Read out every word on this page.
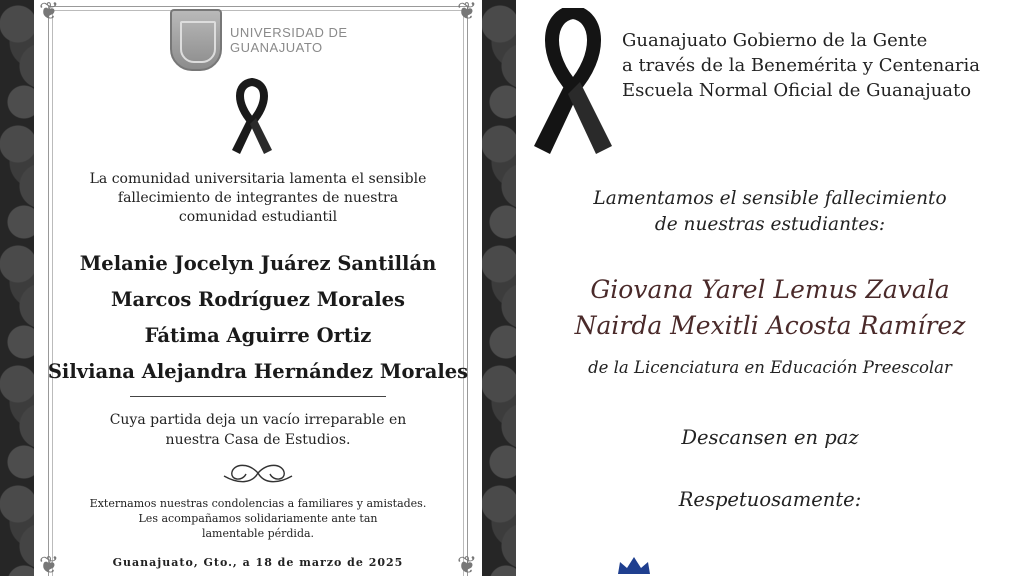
❦	❦
❦	❦
UNIVERSIDAD DE
GUANAJUATO
La comunidad universitaria lamenta el sensible
fallecimiento de integrantes de nuestra
comunidad estudiantil
Melanie Jocelyn Juárez Santillán
Marcos Rodríguez Morales
Fátima Aguirre Ortiz
Silviana Alejandra Hernández Morales
Cuya partida deja un vacío irreparable en
nuestra Casa de Estudios.
Externamos nuestras condolencias a familiares y amistades.
Les acompañamos solidariamente ante tan
lamentable pérdida.
Guanajuato, Gto., a 18 de marzo de 2025
Guanajuato Gobierno de la Gente
a través de la Benemérita y Centenaria
Escuela Normal Oficial de Guanajuato
Lamentamos el sensible fallecimiento
de nuestras estudiantes:
Giovana Yarel Lemus Zavala
Nairda Mexitli Acosta Ramírez
de la Licenciatura en Educación Preescolar
Descansen en paz
Respetuosamente:
